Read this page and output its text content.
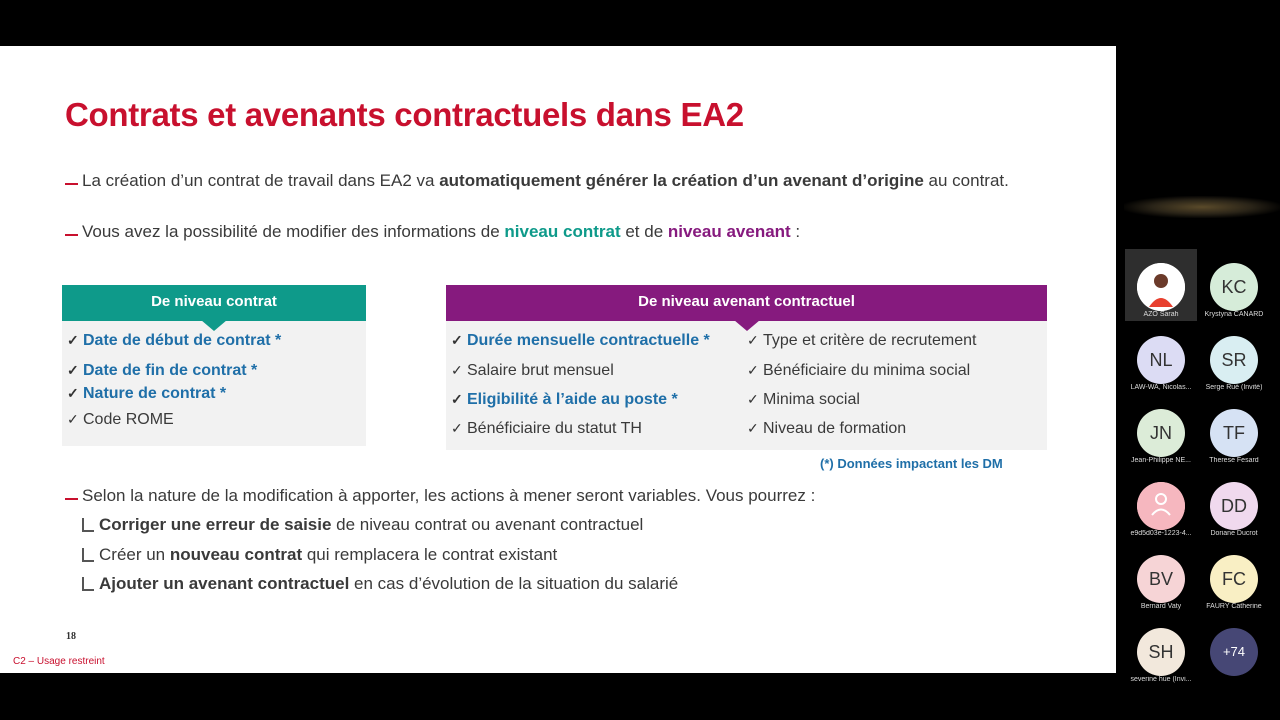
Contrats et avenants contractuels dans EA2
La création d’un contrat de travail dans EA2 va automatiquement générer la création d’un avenant d’origine au contrat.
Vous avez la possibilité de modifier des informations de niveau contrat et de niveau avenant :
De niveau contrat
✓ Date de début de contrat *
✓ Date de fin de contrat *
✓ Nature de contrat *
✓ Code ROME
De niveau avenant contractuel
✓ Durée mensuelle contractuelle *
✓ Salaire brut mensuel
✓ Eligibilité à l’aide au poste *
✓ Bénéficiaire du statut TH
✓ Type et critère de recrutement
✓ Bénéficiaire du minima social
✓ Minima social
✓ Niveau de formation
(*) Données impactant les DM
Selon la nature de la modification à apporter, les actions à mener seront variables. Vous pourrez :
Corriger une erreur de saisie de niveau contrat ou avenant contractuel
Créer un nouveau contrat qui remplacera le contrat existant
Ajouter un avenant contractuel en cas d’évolution de la situation du salarié
18
C2 – Usage restreint
AZO Sarah
KC
Krystyna CANARD
NL
LAW-WA, Nicolas...
SR
Serge Rué (Invité)
JN
Jean-Philippe NE...
TF
Therese Fesard
e9d5d03e-1223-4...
DD
Doriane Ducrot
BV
Bernard Vaty
FC
FAURY Catherine
SH
severine hue (Invi...
+74
